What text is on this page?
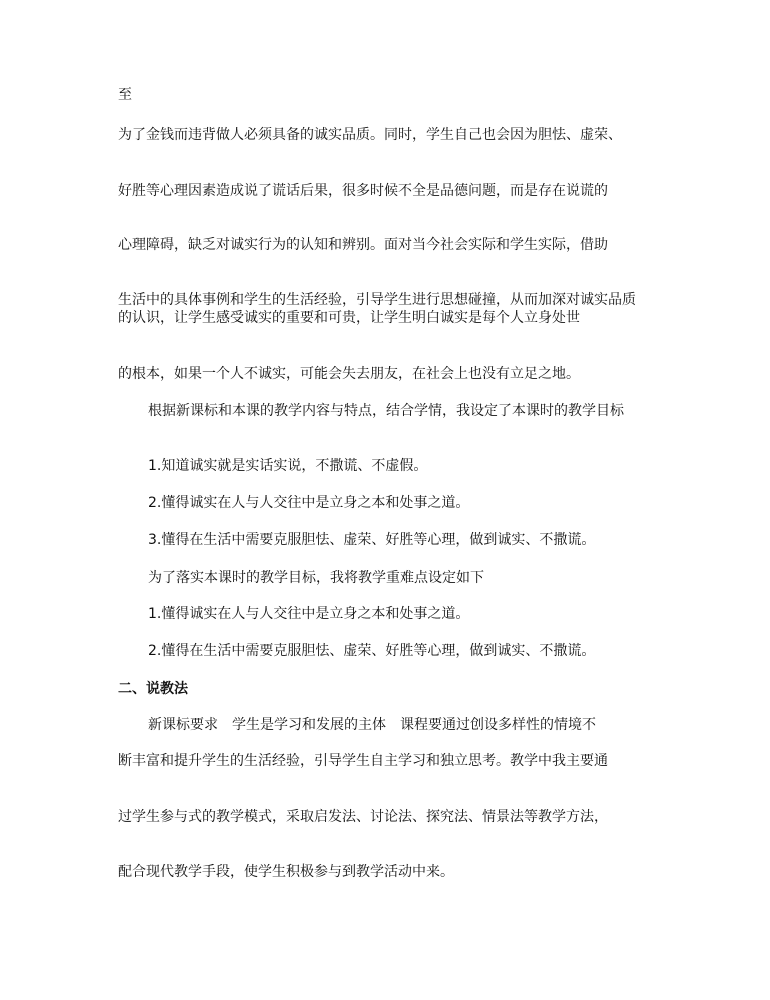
至
为了金钱而违背做人必须具备的诚实品质。同时，学生自己也会因为胆怯、虚荣、
好胜等心理因素造成说了谎话后果，很多时候不全是品德问题，而是存在说谎的
心理障碍，缺乏对诚实行为的认知和辨别。面对当今社会实际和学生实际，借助
生活中的具体事例和学生的生活经验，引导学生进行思想碰撞，从而加深对诚实品质的认识，让学生感受诚实的重要和可贵，让学生明白诚实是每个人立身处世
的根本，如果一个人不诚实，可能会失去朋友，在社会上也没有立足之地。
根据新课标和本课的教学内容与特点，结合学情，我设定了本课时的教学目标
1.知道诚实就是实话实说，不撒谎、不虚假。
2.懂得诚实在人与人交往中是立身之本和处事之道。
3.懂得在生活中需要克服胆怯、虚荣、好胜等心理，做到诚实、不撒谎。
为了落实本课时的教学目标，我将教学重难点设定如下
1.懂得诚实在人与人交往中是立身之本和处事之道。
2.懂得在生活中需要克服胆怯、虚荣、好胜等心理，做到诚实、不撒谎。
二、说教法
新课标要求　学生是学习和发展的主体　课程要通过创设多样性的情境不
断丰富和提升学生的生活经验，引导学生自主学习和独立思考。教学中我主要通
过学生参与式的教学模式，采取启发法、讨论法、探究法、情景法等教学方法，
配合现代教学手段，使学生积极参与到教学活动中来。
